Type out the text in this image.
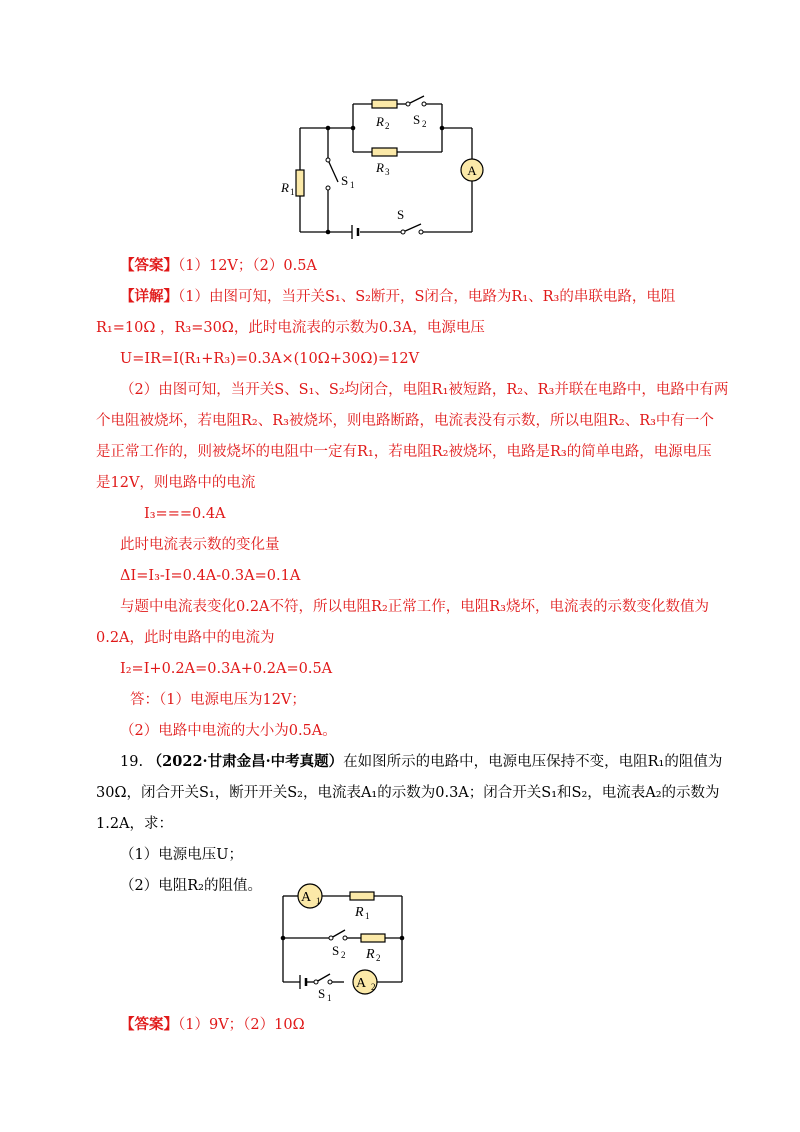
A
R 2 S 2
R 3
R 1
S 1
S
【答案】（1）12V；（2）0.5A
【详解】（1）由图可知，当开关S₁、S₂断开，S闭合，电路为R₁、R₃的串联电路，电阻
R₁=10Ω ，R₃=30Ω，此时电流表的示数为0.3A，电源电压
U=IR=I(R₁+R₃)=0.3A×(10Ω+30Ω)=12V
（2）由图可知，当开关S、S₁、S₂均闭合，电阻R₁被短路，R₂、R₃并联在电路中，电路中有两
个电阻被烧坏，若电阻R₂、R₃被烧坏，则电路断路，电流表没有示数，所以电阻R₂、R₃中有一个
是正常工作的，则被烧坏的电阻中一定有R₁，若电阻R₂被烧坏，电路是R₃的简单电路，电源电压
是12V，则电路中的电流
I₃===0.4A
此时电流表示数的变化量
ΔI=I₃-I=0.4A-0.3A=0.1A
与题中电流表变化0.2A不符，所以电阻R₂正常工作，电阻R₃烧坏，电流表的示数变化数值为
0.2A，此时电路中的电流为
I₂=I+0.2A=0.3A+0.2A=0.5A
答：（1）电源电压为12V；
（2）电路中电流的大小为0.5A。
19. （2022·甘肃金昌·中考真题）在如图所示的电路中，电源电压保持不变，电阻R₁的阻值为
30Ω，闭合开关S₁，断开开关S₂，电流表A₁的示数为0.3A；闭合开关S₁和S₂，电流表A₂的示数为
1.2A，求：
（1）电源电压U；
（2）电阻R₂的阻值。
A 1
A 2
R 1
R 2
S 2
S 1
【答案】（1）9V；（2）10Ω
